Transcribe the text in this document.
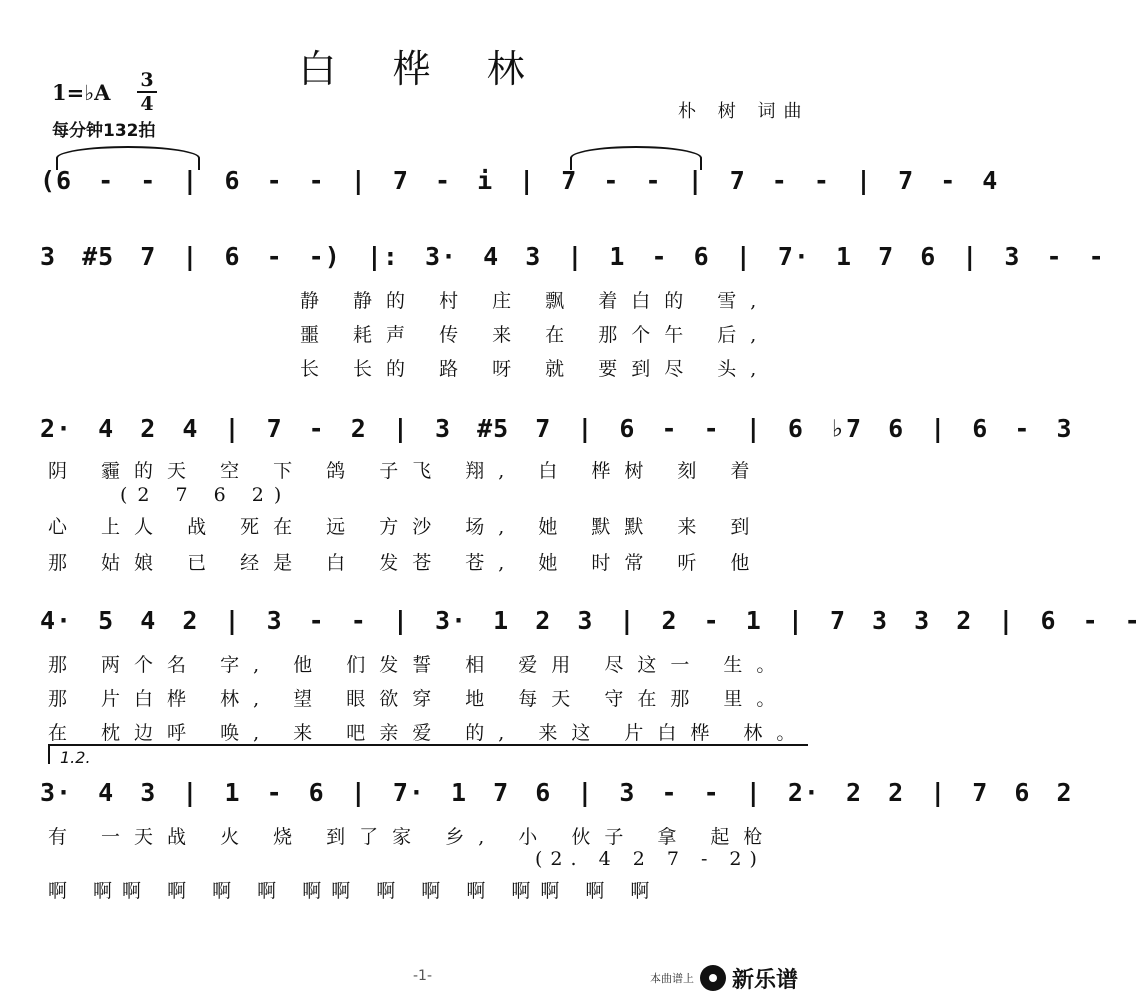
白 桦 林
1=♭A 3
4
每分钟132拍
朴 树 词曲
(6 - - | 6 - - | 7 - i | 7 - - | 7 - - | 7 - 4
3 #5 7 | 6 - -) |: 3· 4 3 | 1 - 6 | 7· 1 7 6 | 3 - -
静 静的 村 庄 飘 着白的 雪,
噩 耗声 传 来 在 那个午 后,
长 长的 路 呀 就 要到尽 头,
2· 4 2 4 | 7 - 2 | 3 #5 7 | 6 - - | 6 ♭7 6 | 6 - 3
阴 霾的天 空 下 鸽 子飞 翔, 白 桦树 刻 着
(2 7 6 2)
心 上人 战 死在 远 方沙 场, 她 默默 来 到
那 姑娘 已 经是 白 发苍 苍, 她 时常 听 他
4· 5 4 2 | 3 - - | 3· 1 2 3 | 2 - 1 | 7 3 3 2 | 6 - -
那 两个名 字, 他 们发誓 相 爱用 尽这一 生。
那 片白桦 林, 望 眼欲穿 地 每天 守在那 里。
在 枕边呼 唤, 来 吧亲爱 的, 来这 片白桦 林。
1.2.
3· 4 3 | 1 - 6 | 7· 1 7 6 | 3 - - | 2· 2 2 | 7 6 2
有 一天战 火 烧 到了家 乡, 小 伙子 拿 起枪
(2. 4 2 7 - 2)
啊 啊啊 啊 啊 啊 啊啊 啊 啊 啊 啊啊 啊 啊
-1-	本曲谱上 新乐谱
